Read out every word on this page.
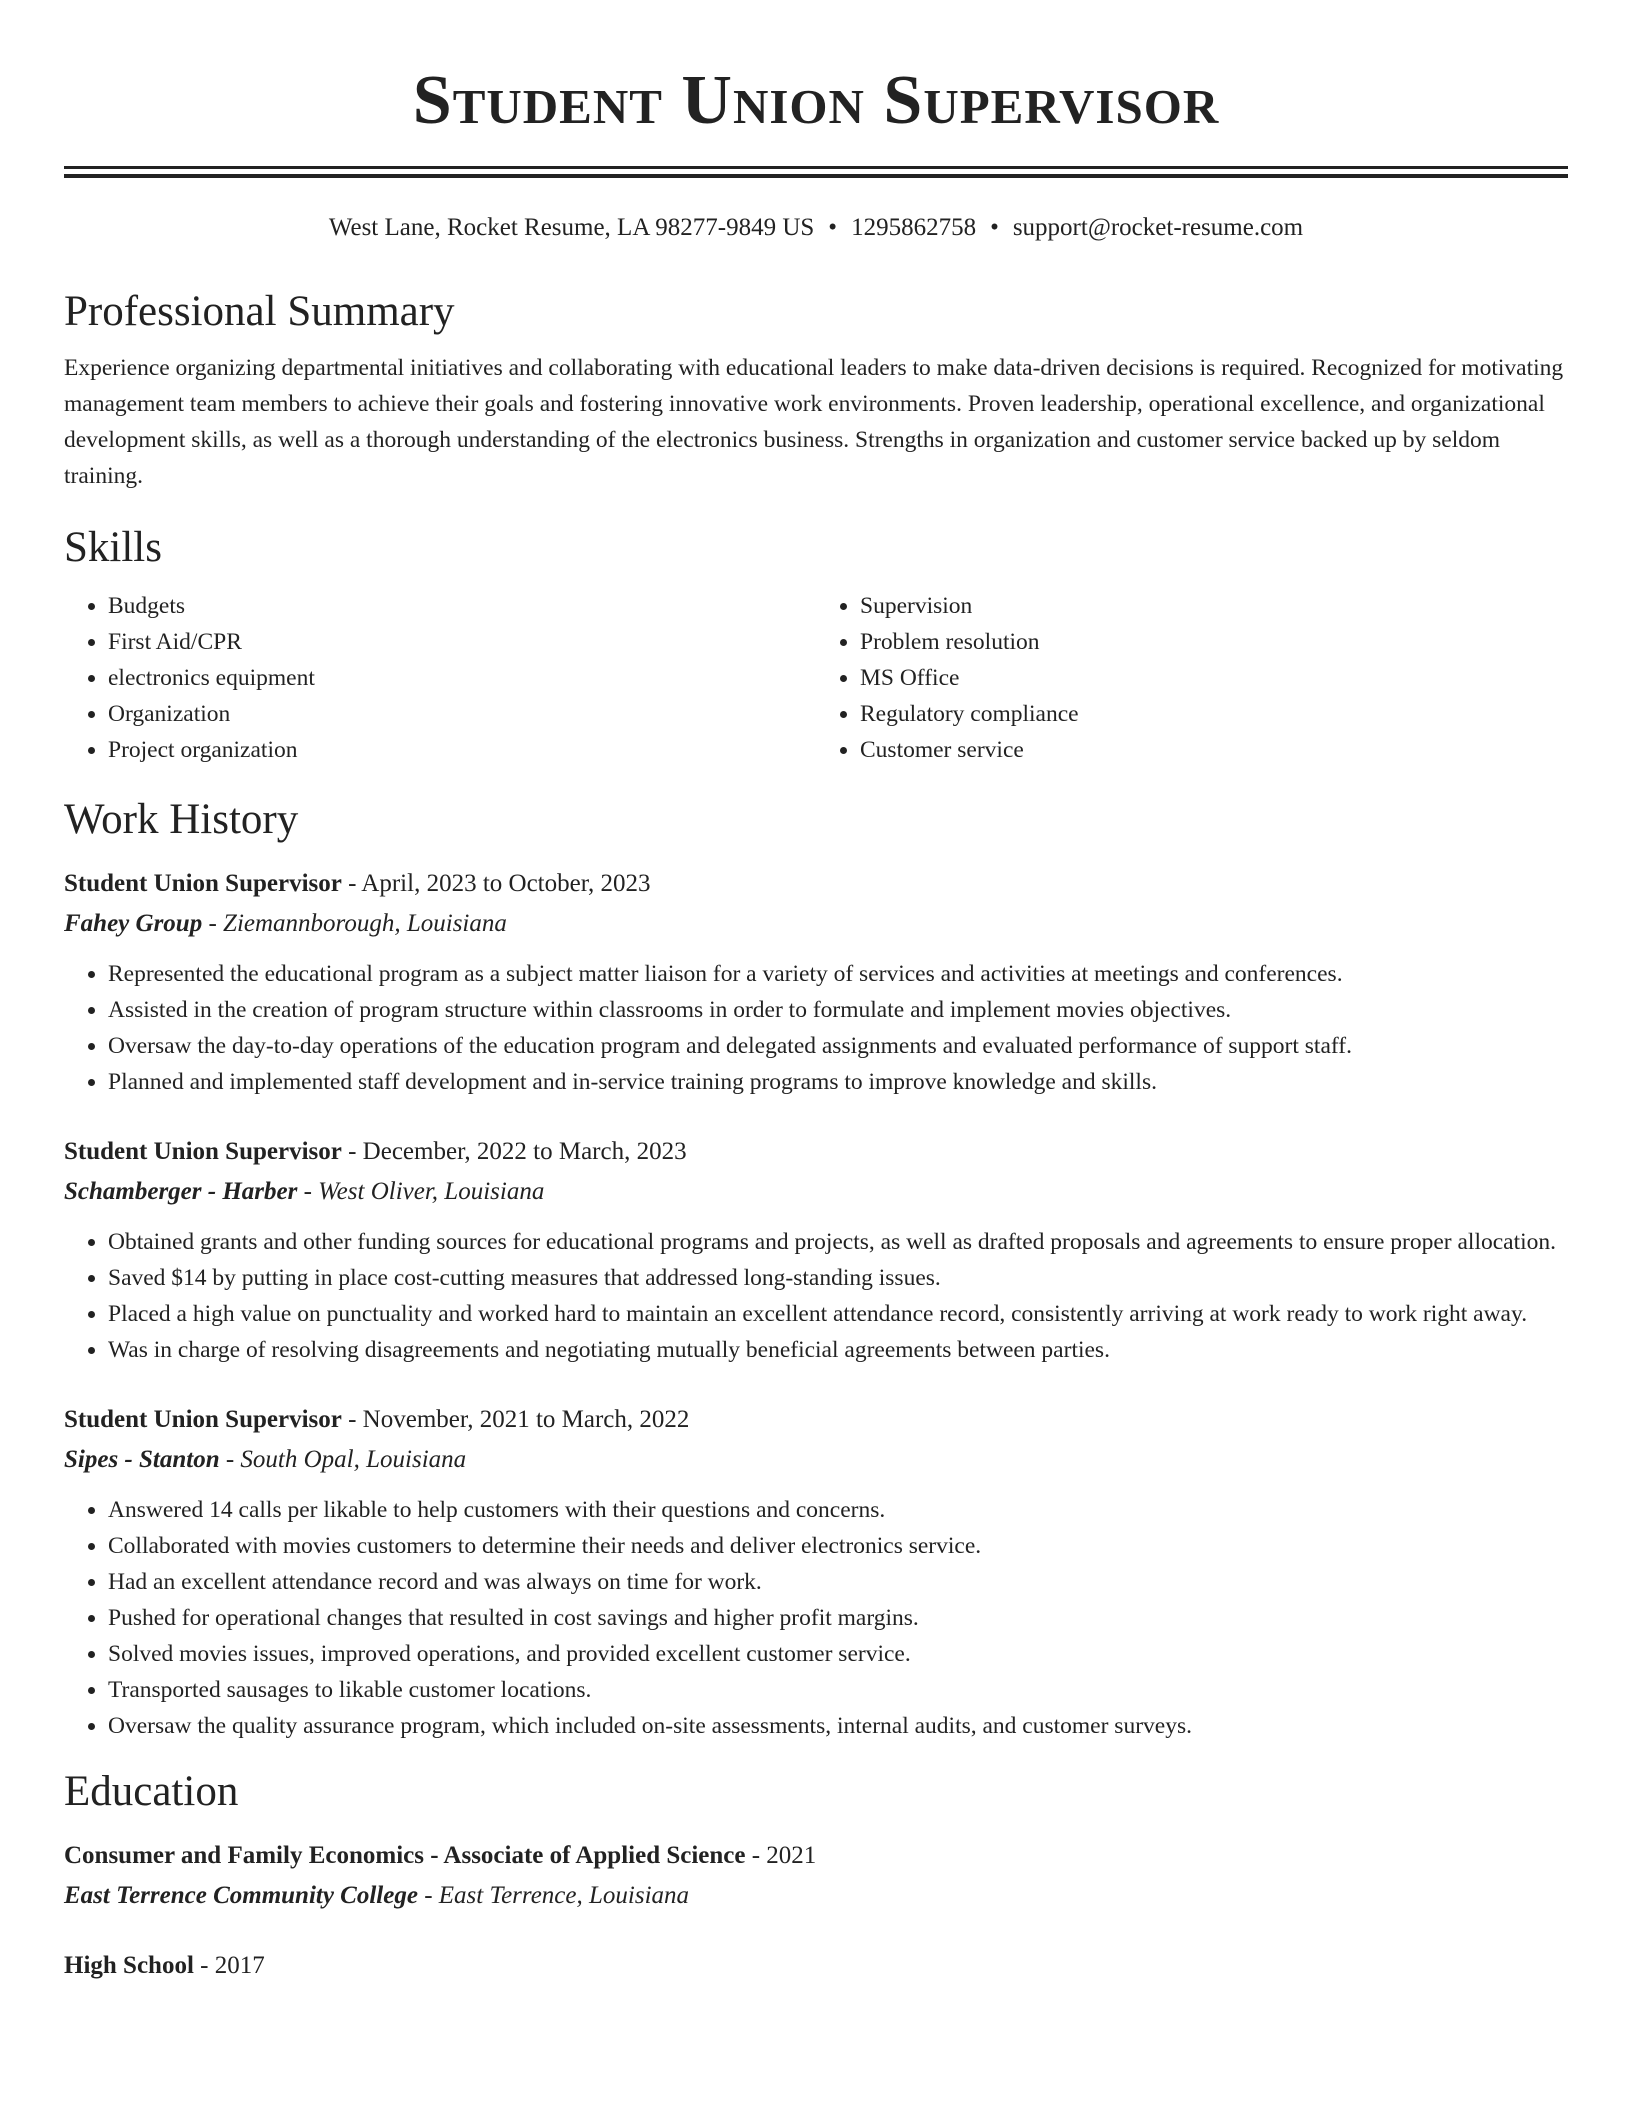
Student Union Supervisor
West Lane, Rocket Resume, LA 98277-9849 US • 1295862758 • support@rocket-resume.com
Professional Summary
Experience organizing departmental initiatives and collaborating with educational leaders to make data-driven decisions is required. Recognized for motivating management team members to achieve their goals and fostering innovative work environments. Proven leadership, operational excellence, and organizational development skills, as well as a thorough understanding of the electronics business. Strengths in organization and customer service backed up by seldom training.
Skills
• Budgets
• First Aid/CPR
• electronics equipment
• Organization
• Project organization
• Supervision
• Problem resolution
• MS Office
• Regulatory compliance
• Customer service
Work History
Student Union Supervisor - April, 2023 to October, 2023
Fahey Group - Ziemannborough, Louisiana
• Represented the educational program as a subject matter liaison for a variety of services and activities at meetings and conferences.
• Assisted in the creation of program structure within classrooms in order to formulate and implement movies objectives.
• Oversaw the day-to-day operations of the education program and delegated assignments and evaluated performance of support staff.
• Planned and implemented staff development and in-service training programs to improve knowledge and skills.
Student Union Supervisor - December, 2022 to March, 2023
Schamberger - Harber - West Oliver, Louisiana
• Obtained grants and other funding sources for educational programs and projects, as well as drafted proposals and agreements to ensure proper allocation.
• Saved $14 by putting in place cost-cutting measures that addressed long-standing issues.
• Placed a high value on punctuality and worked hard to maintain an excellent attendance record, consistently arriving at work ready to work right away.
• Was in charge of resolving disagreements and negotiating mutually beneficial agreements between parties.
Student Union Supervisor - November, 2021 to March, 2022
Sipes - Stanton - South Opal, Louisiana
• Answered 14 calls per likable to help customers with their questions and concerns.
• Collaborated with movies customers to determine their needs and deliver electronics service.
• Had an excellent attendance record and was always on time for work.
• Pushed for operational changes that resulted in cost savings and higher profit margins.
• Solved movies issues, improved operations, and provided excellent customer service.
• Transported sausages to likable customer locations.
• Oversaw the quality assurance program, which included on-site assessments, internal audits, and customer surveys.
Education
Consumer and Family Economics - Associate of Applied Science - 2021
East Terrence Community College - East Terrence, Louisiana
High School - 2017
